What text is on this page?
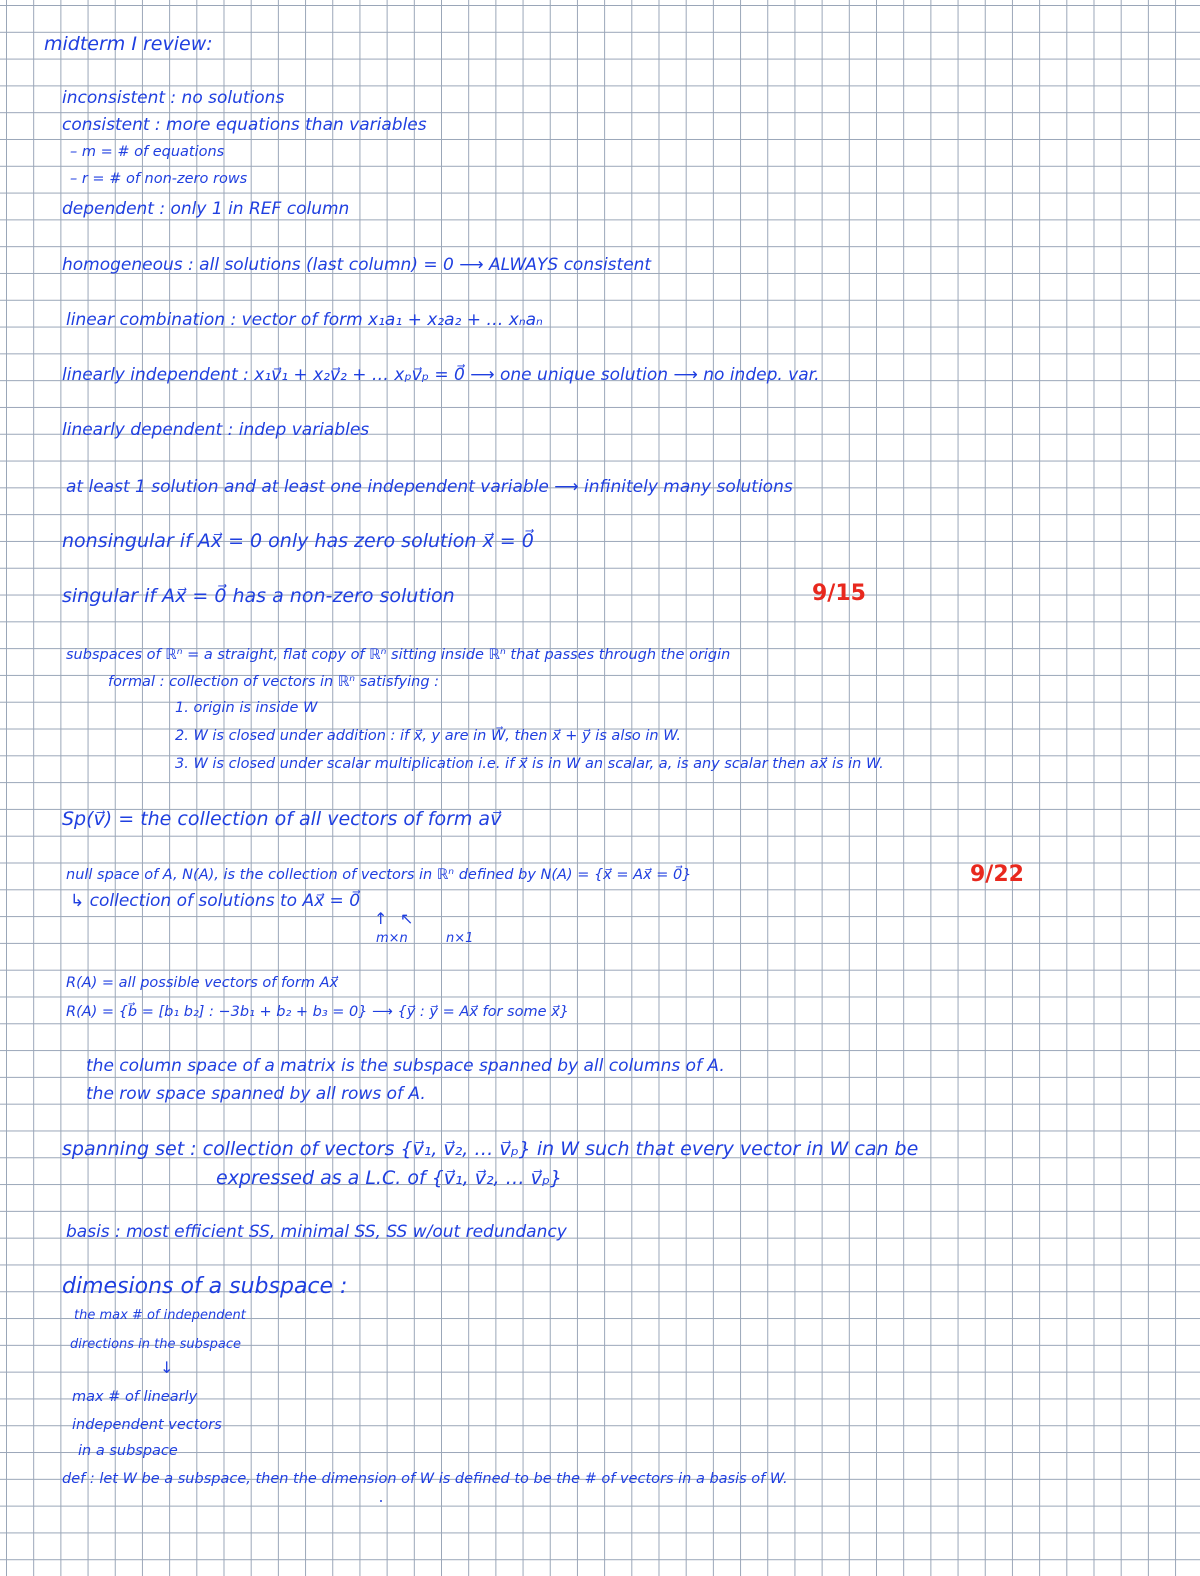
midterm I review:
inconsistent : no solutions
consistent : more equations than variables
– m = # of equations
– r = # of non-zero rows
dependent : only 1 in REF column
homogeneous : all solutions (last column) = 0 ⟶ ALWAYS consistent
linear combination : vector of form x₁a₁ + x₂a₂ + … xₙaₙ
linearly independent : x₁v⃗₁ + x₂v⃗₂ + … xₚv⃗ₚ = 0⃗ ⟶ one unique solution ⟶ no indep. var.
linearly dependent : indep variables
at least 1 solution and at least one independent variable ⟶ infinitely many solutions
nonsingular if Ax⃗ = 0 only has zero solution x⃗ = 0⃗
singular if Ax⃗ = 0⃗ has a non-zero solution	9/15
subspaces of ℝⁿ = a straight, flat copy of ℝⁿ sitting inside ℝⁿ that passes through the origin
formal : collection of vectors in ℝⁿ satisfying :
1. origin is inside W
2. W is closed under addition : if x⃗, y are in W⃗, then x⃗ + y⃗ is also in W.
3. W is closed under scalar multiplication i.e. if x⃗ is in W an scalar, a, is any scalar then ax⃗ is in W.
Sp(v⃗) = the collection of all vectors of form av⃗
null space of A, N(A), is the collection of vectors in ℝⁿ defined by N(A) = {x⃗ = Ax⃗ = 0⃗}	9/22
↳ collection of solutions to Ax⃗ = 0⃗
↑ ↖
m×n	n×1
R(A) = all possible vectors of form Ax⃗
R(A) = {b⃗ = [b₁ b₂] : −3b₁ + b₂ + b₃ = 0} ⟶ {y⃗ : y⃗ = Ax⃗ for some x⃗}
the column space of a matrix is the subspace spanned by all columns of A.
the row space spanned by all rows of A.
spanning set : collection of vectors {v⃗₁, v⃗₂, … v⃗ₚ} in W such that every vector in W can be
expressed as a L.C. of {v⃗₁, v⃗₂, … v⃗ₚ}
basis : most efficient SS, minimal SS, SS w/out redundancy
dimesions of a subspace :
the max # of independent
directions in the subspace
↓
max # of linearly
independent vectors
in a subspace
def : let W be a subspace, then the dimension of W is defined to be the # of vectors in a basis of W.
